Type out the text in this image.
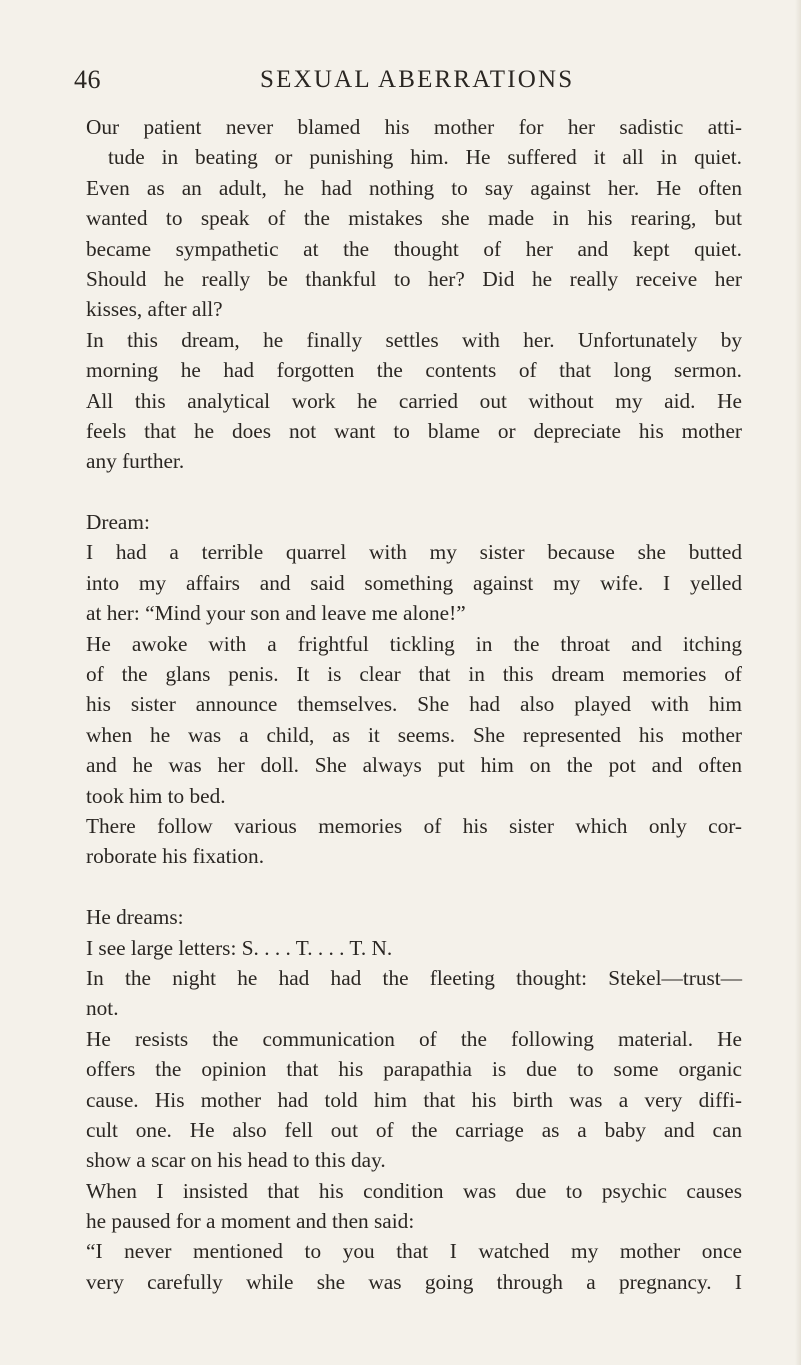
46	SEXUAL ABERRATIONS
Our patient never blamed his mother for her sadistic atti-
tude in beating or punishing him. He suffered it all in quiet.
Even as an adult, he had nothing to say against her. He often
wanted to speak of the mistakes she made in his rearing, but
became sympathetic at the thought of her and kept quiet.
Should he really be thankful to her? Did he really receive her
kisses, after all?
In this dream, he finally settles with her. Unfortunately by
morning he had forgotten the contents of that long sermon.
All this analytical work he carried out without my aid. He
feels that he does not want to blame or depreciate his mother
any further.
Dream:
I had a terrible quarrel with my sister because she butted
into my affairs and said something against my wife. I yelled
at her: “Mind your son and leave me alone!”
He awoke with a frightful tickling in the throat and itching
of the glans penis. It is clear that in this dream memories of
his sister announce themselves. She had also played with him
when he was a child, as it seems. She represented his mother
and he was her doll. She always put him on the pot and often
took him to bed.
There follow various memories of his sister which only cor-
roborate his fixation.
He dreams:
I see large letters: S. . . . T. . . . T. N.
In the night he had had the fleeting thought: Stekel—trust—
not.
He resists the communication of the following material. He
offers the opinion that his parapathia is due to some organic
cause. His mother had told him that his birth was a very diffi-
cult one. He also fell out of the carriage as a baby and can
show a scar on his head to this day.
When I insisted that his condition was due to psychic causes
he paused for a moment and then said:
“I never mentioned to you that I watched my mother once
very carefully while she was going through a pregnancy. I
